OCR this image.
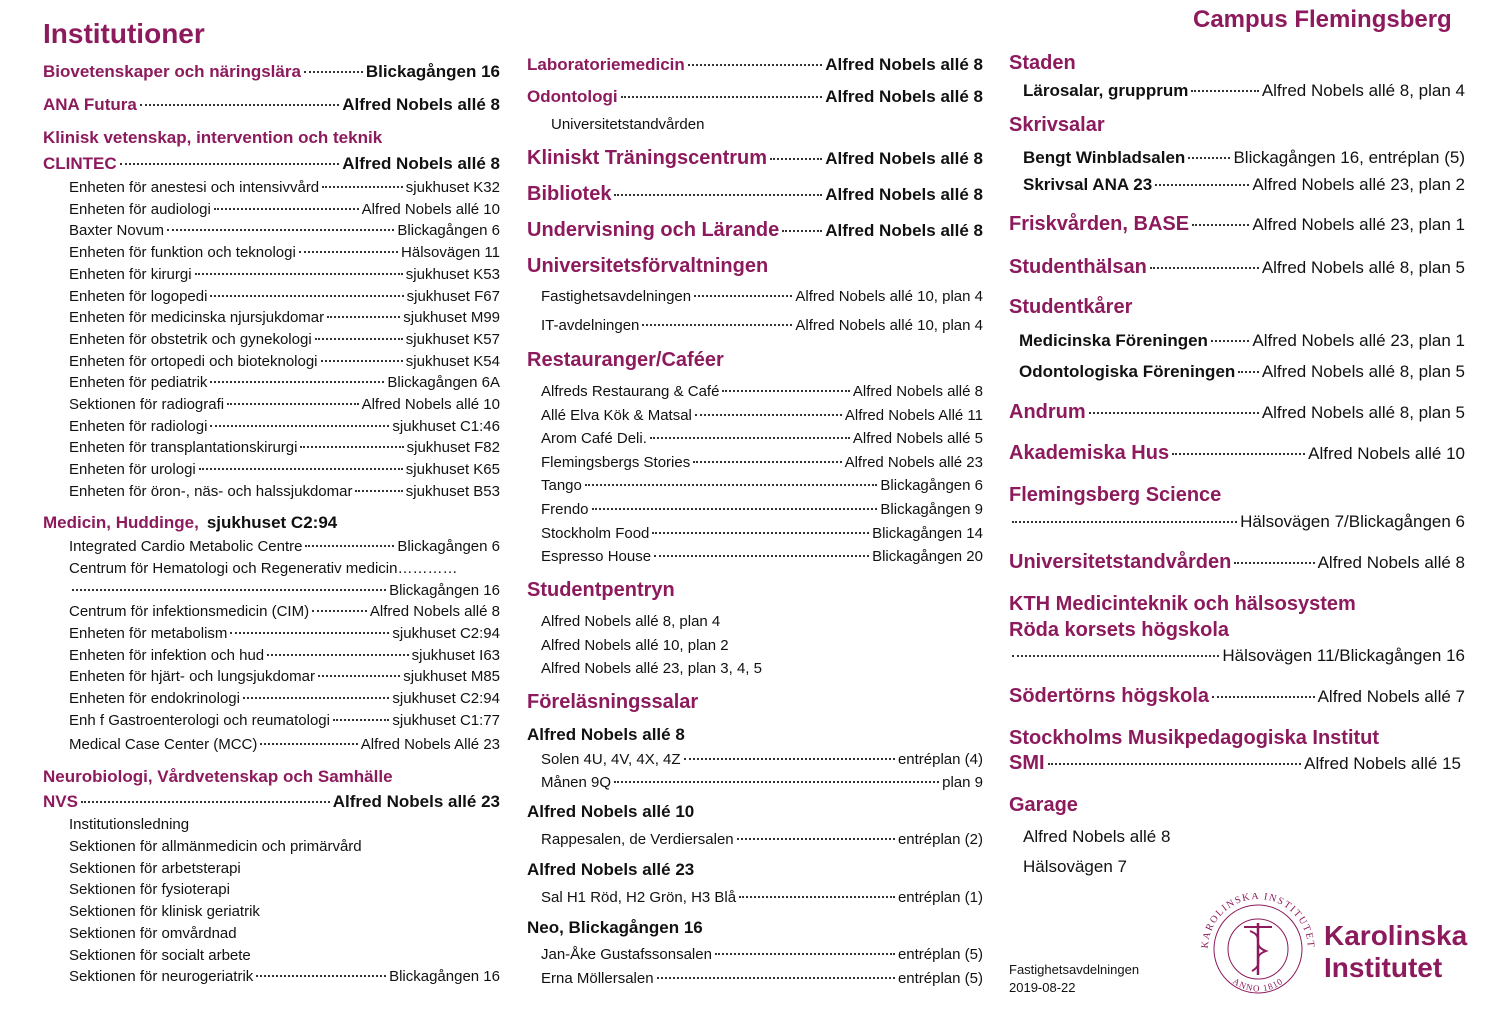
Institutioner
Biovetenskaper och näringslära	Blickagången 16
ANA Futura	Alfred Nobels allé 8
Klinisk vetenskap, intervention och teknik
CLINTEC	Alfred Nobels allé 8
Enheten för anestesi och intensivvård	sjukhuset K32
Enheten för audiologi	Alfred Nobels allé 10
Baxter Novum	Blickagången 6
Enheten för funktion och teknologi	Hälsovägen 11
Enheten för kirurgi	sjukhuset K53
Enheten för logopedi	sjukhuset F67
Enheten för medicinska njursjukdomar	sjukhuset M99
Enheten för obstetrik och gynekologi	sjukhuset K57
Enheten för ortopedi och bioteknologi	sjukhuset K54
Enheten för pediatrik	Blickagången 6A
Sektionen för radiografi	Alfred Nobels allé 10
Enheten för radiologi	sjukhuset C1:46
Enheten för transplantationskirurgi	sjukhuset F82
Enheten för urologi	sjukhuset K65
Enheten för öron-, näs- och halssjukdomar	sjukhuset B53
Medicin, Huddinge, sjukhuset C2:94
Integrated Cardio Metabolic Centre	Blickagången 6
Centrum för Hematologi och Regenerativ medicin…………
Blickagången 16
Centrum för infektionsmedicin (CIM)	Alfred Nobels allé 8
Enheten för metabolism	sjukhuset C2:94
Enheten för infektion och hud	sjukhuset I63
Enheten för hjärt- och lungsjukdomar	sjukhuset M85
Enheten för endokrinologi	sjukhuset C2:94
Enh f Gastroenterologi och reumatologi	sjukhuset C1:77
Medical Case Center (MCC)	Alfred Nobels Allé 23
Neurobiologi, Vårdvetenskap och Samhälle
NVS	Alfred Nobels allé 23
Institutionsledning
Sektionen för allmänmedicin och primärvård
Sektionen för arbetsterapi
Sektionen för fysioterapi
Sektionen för klinisk geriatrik
Sektionen för omvårdnad
Sektionen för socialt arbete
Sektionen för neurogeriatrik	Blickagången 16
Laboratoriemedicin	Alfred Nobels allé 8
Odontologi	Alfred Nobels allé 8
Universitetstandvården
Kliniskt Träningscentrum	Alfred Nobels allé 8
Bibliotek	Alfred Nobels allé 8
Undervisning och Lärande	Alfred Nobels allé 8
Universitetsförvaltningen
Fastighetsavdelningen	Alfred Nobels allé 10, plan 4
IT-avdelningen	Alfred Nobels allé 10, plan 4
Restauranger/Caféer
Alfreds Restaurang & Café	Alfred Nobels allé 8
Allé Elva Kök & Matsal	Alfred Nobels Allé 11
Arom Café Deli.	Alfred Nobels allé 5
Flemingsbergs Stories	Alfred Nobels allé 23
Tango	Blickagången 6
Frendo	Blickagången 9
Stockholm Food	Blickagången 14
Espresso House	Blickagången 20
Studentpentryn
Alfred Nobels allé 8, plan 4
Alfred Nobels allé 10, plan 2
Alfred Nobels allé 23, plan 3, 4, 5
Föreläsningssalar
Alfred Nobels allé 8
Solen 4U, 4V, 4X, 4Z	entréplan (4)
Månen 9Q	plan 9
Alfred Nobels allé 10
Rappesalen, de Verdiersalen	entréplan (2)
Alfred Nobels allé 23
Sal H1 Röd, H2 Grön, H3 Blå	entréplan (1)
Neo, Blickagången 16
Jan-Åke Gustafssonsalen	entréplan (5)
Erna Möllersalen	entréplan (5)
Campus Flemingsberg
Staden
Lärosalar, grupprum	Alfred Nobels allé 8, plan 4
Skrivsalar
Bengt Winbladsalen	Blickagången 16, entréplan (5)
Skrivsal ANA 23	Alfred Nobels allé 23, plan 2
Friskvården, BASE	Alfred Nobels allé 23, plan 1
Studenthälsan	Alfred Nobels allé 8, plan 5
Studentkårer
Medicinska Föreningen	Alfred Nobels allé 23, plan 1
Odontologiska Föreningen Alfred Nobels allé 8, plan 5
Andrum	Alfred Nobels allé 8, plan 5
Akademiska Hus	Alfred Nobels allé 10
Flemingsberg Science
Hälsovägen 7/Blickagången 6
Universitetstandvården	Alfred Nobels allé 8
KTH Medicinteknik och hälsosystem
Röda korsets högskola
Hälsovägen 11/Blickagången 16
Södertörns högskola	Alfred Nobels allé 7
Stockholms Musikpedagogiska Institut
SMI	Alfred Nobels allé 15
Garage
Alfred Nobels allé 8
Hälsovägen 7
Fastighetsavdelningen
2019-08-22
KAROLINSKA INSTITUTET
ANNO 1810
Karolinska
Institutet
